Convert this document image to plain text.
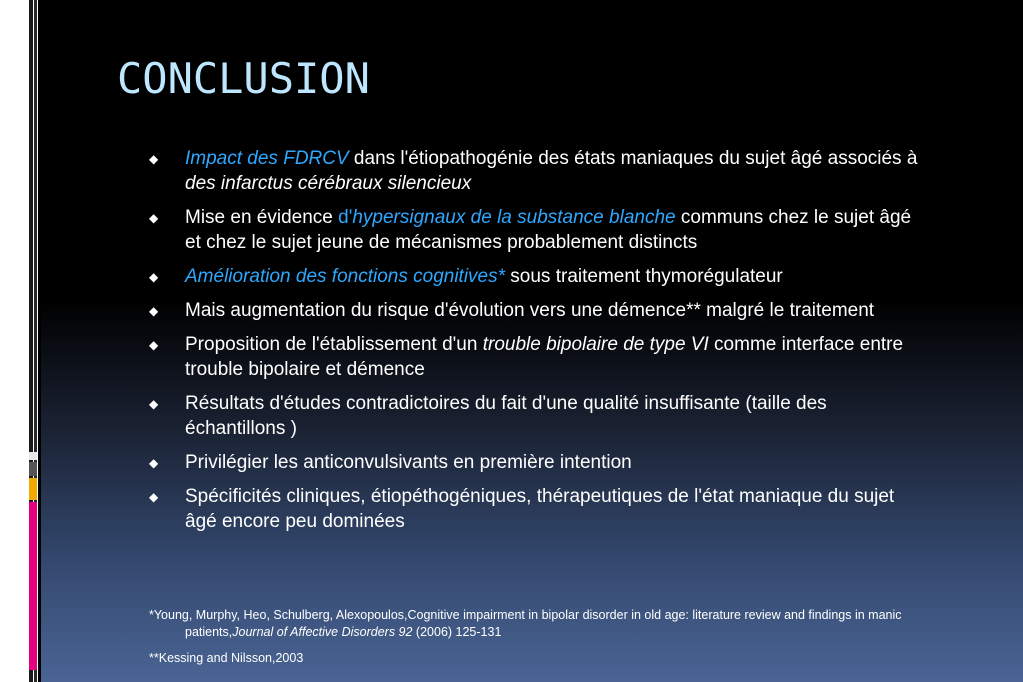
CONCLUSION
◆ Impact des FDRCV dans l'étiopathogénie des états maniaques du sujet âgé associés à des infarctus cérébraux silencieux
◆ Mise en évidence d'hypersignaux de la substance blanche communs chez le sujet âgé et chez le sujet jeune de mécanismes probablement distincts
◆ Amélioration des fonctions cognitives* sous traitement thymorégulateur
◆ Mais augmentation du risque d'évolution vers une démence** malgré le traitement
◆ Proposition de l'établissement d'un trouble bipolaire de type VI comme interface entre trouble bipolaire et démence
◆ Résultats d'études contradictoires du fait d'une qualité insuffisante (taille des échantillons )
◆ Privilégier les anticonvulsivants en première intention
◆ Spécificités cliniques, étiopéthogéniques, thérapeutiques de l'état maniaque du sujet âgé encore peu dominées
*Young, Murphy, Heo, Schulberg, Alexopoulos,Cognitive impairment in bipolar disorder in old age: literature review and findings in manic patients,Journal of Affective Disorders 92 (2006) 125-131
**Kessing and Nilsson,2003
